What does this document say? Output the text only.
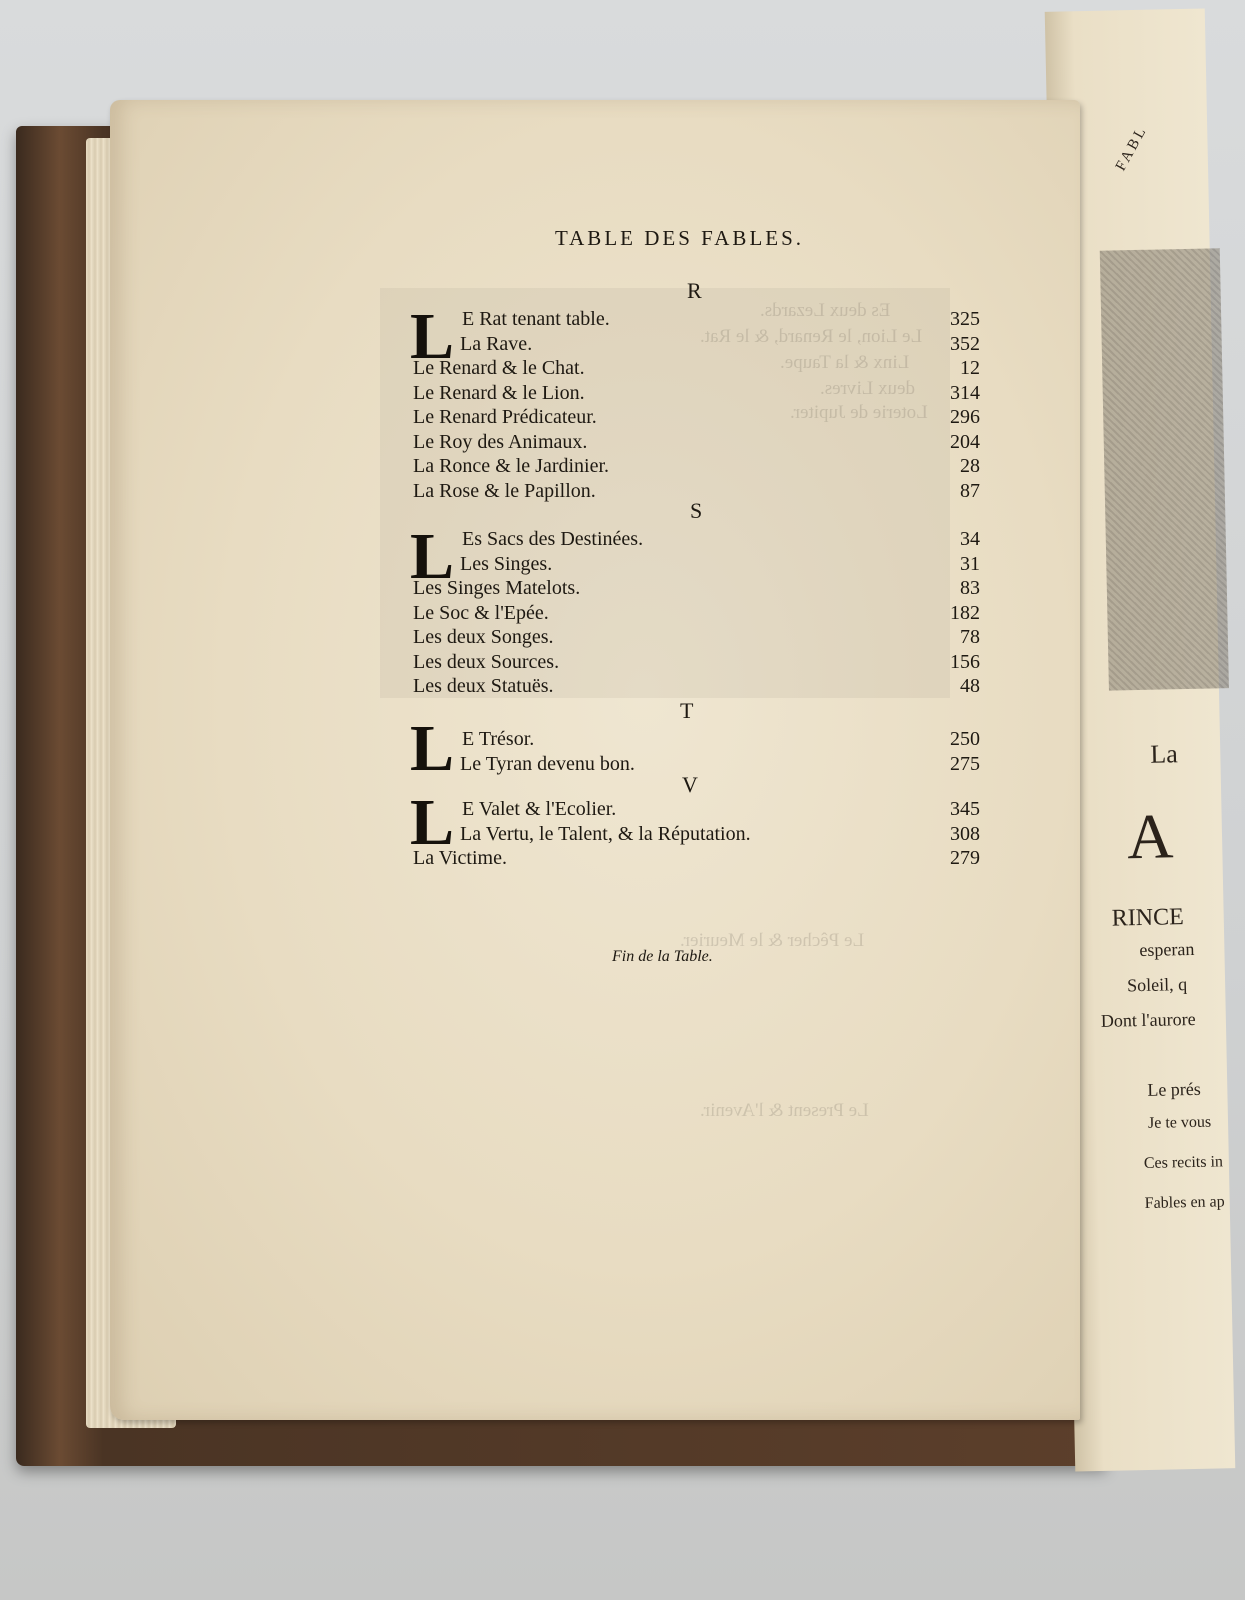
FABL
La
A
RINCE
esperan
Soleil, q
Dont l'aurore
Le prés
Je te vous
Ces recits in
Fables en ap
Es deux Lezards.
Le Lion, le Renard, & le Rat.
Linx & la Taupe.
deux Livres.
Loterie de Jupiter.
Le Pêcher & le Meurier.
Le Present & l'Avenir.
TABLE DES FABLES.
R
L E Rat tenant table.	325
La Rave.	352
Le Renard & le Chat.	12
Le Renard & le Lion.	314
Le Renard Prédicateur.	296
Le Roy des Animaux.	204
La Ronce & le Jardinier.	28
La Rose & le Papillon.	87
S
L Es Sacs des Destinées.	34
Les Singes.	31
Les Singes Matelots.	83
Le Soc & l'Epée.	182
Les deux Songes.	78
Les deux Sources.	156
Les deux Statuës.	48
T
L E Trésor.	250
Le Tyran devenu bon.	275
V
L E Valet & l'Ecolier.	345
La Vertu, le Talent, & la Réputation.	308
La Victime.	279
Fin de la Table.
